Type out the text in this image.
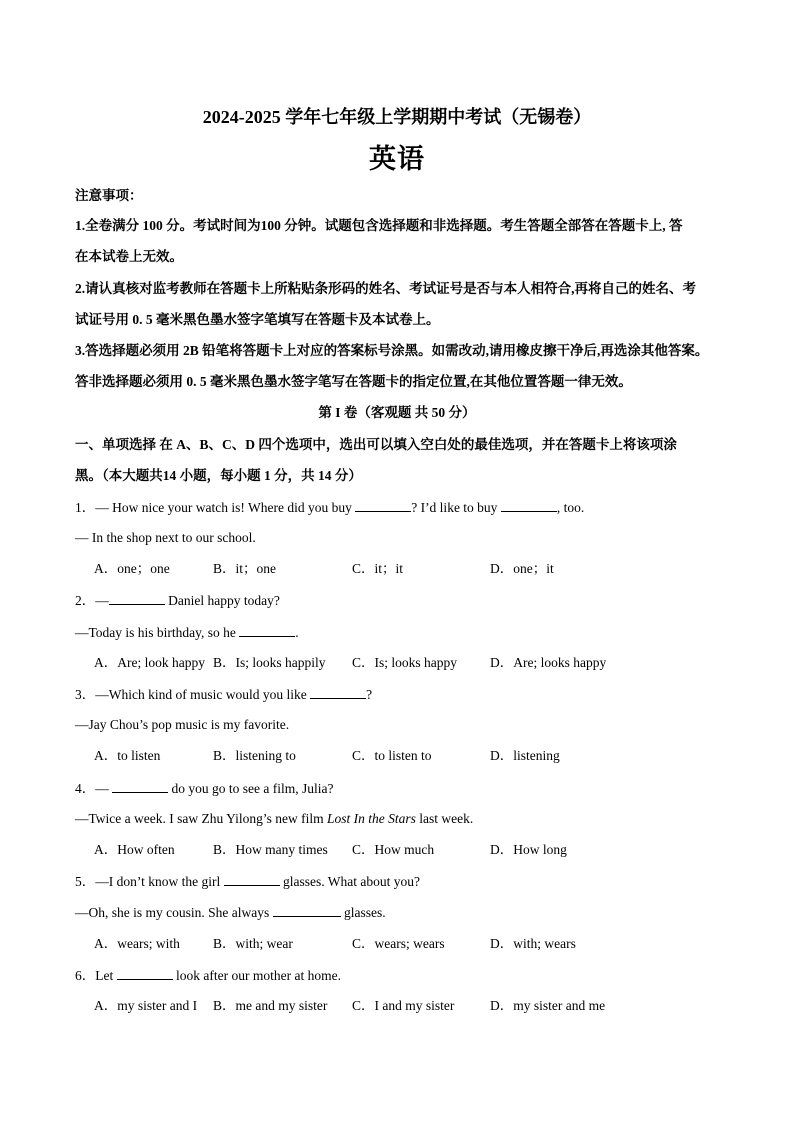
2024-2025 学年七年级上学期期中考试（无锡卷）
英语
注意事项：
1.全卷满分 100 分。考试时间为100 分钟。试题包含选择题和非选择题。考生答题全部答在答题卡上, 答
在本试卷上无效。
2.请认真核对监考教师在答题卡上所粘贴条形码的姓名、考试证号是否与本人相符合,再将自己的姓名、考
试证号用 0. 5 毫米黑色墨水签字笔填写在答题卡及本试卷上。
3.答选择题必须用 2B 铅笔将答题卡上对应的答案标号涂黑。如需改动,请用橡皮擦干净后,再选涂其他答案。
答非选择题必须用 0. 5 毫米黑色墨水签字笔写在答题卡的指定位置,在其他位置答题一律无效。
第 I 卷（客观题 共 50 分）
一、单项选择 在 A、B、C、D 四个选项中，选出可以填入空白处的最佳选项，并在答题卡上将该项涂
黑。（本大题共14 小题，每小题 1 分，共 14 分）
1．— How nice your watch is! Where did you buy	? I’d like to buy	, too.
— In the shop next to our school.
A．one；one	B．it；one	C．it；it	D．one；it
2．—	Daniel happy today?
—Today is his birthday, so he	.
A．Are; look happy B．Is; looks happily C．Is; looks happy D．Are; looks happy
3．—Which kind of music would you like	?
—Jay Chou’s pop music is my favorite.
A．to listen	B．listening to	C．to listen to	D．listening
4．—	do you go to see a film, Julia?
—Twice a week. I saw Zhu Yilong’s new film Lost In the Stars last week.
A．How often	B．How many times C．How much	D．How long
5．—I don’t know the girl	glasses. What about you?
—Oh, she is my cousin. She always	glasses.
A．wears; with B．with; wear	C．wears; wears	D．with; wears
6．Let	look after our mother at home.
A．my sister and I B．me and my sister C．I and my sister	D．my sister and me
